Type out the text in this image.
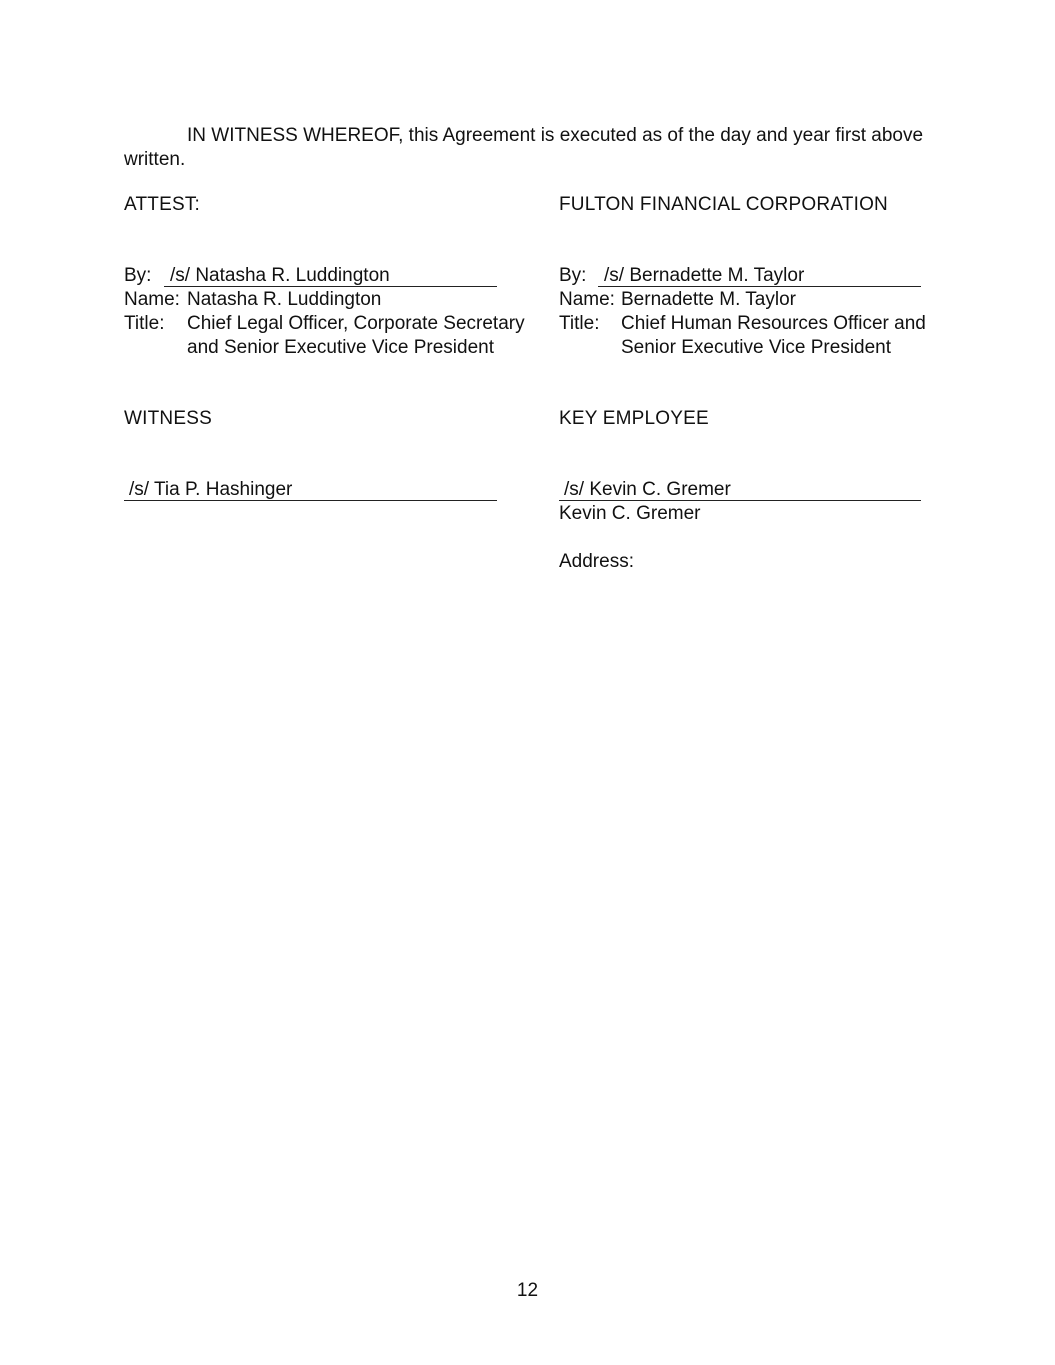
IN WITNESS WHEREOF, this Agreement is executed as of the day and year first above
written.
ATTEST:
By: /s/ Natasha R. Luddington
Name: Natasha R. Luddington
Title: Chief Legal Officer, Corporate Secretary
and Senior Executive Vice President
FULTON FINANCIAL CORPORATION
By: /s/ Bernadette M. Taylor
Name: Bernadette M. Taylor
Title: Chief Human Resources Officer and
Senior Executive Vice President
WITNESS
/s/ Tia P. Hashinger
KEY EMPLOYEE
/s/ Kevin C. Gremer
Kevin C. Gremer
Address:
12
